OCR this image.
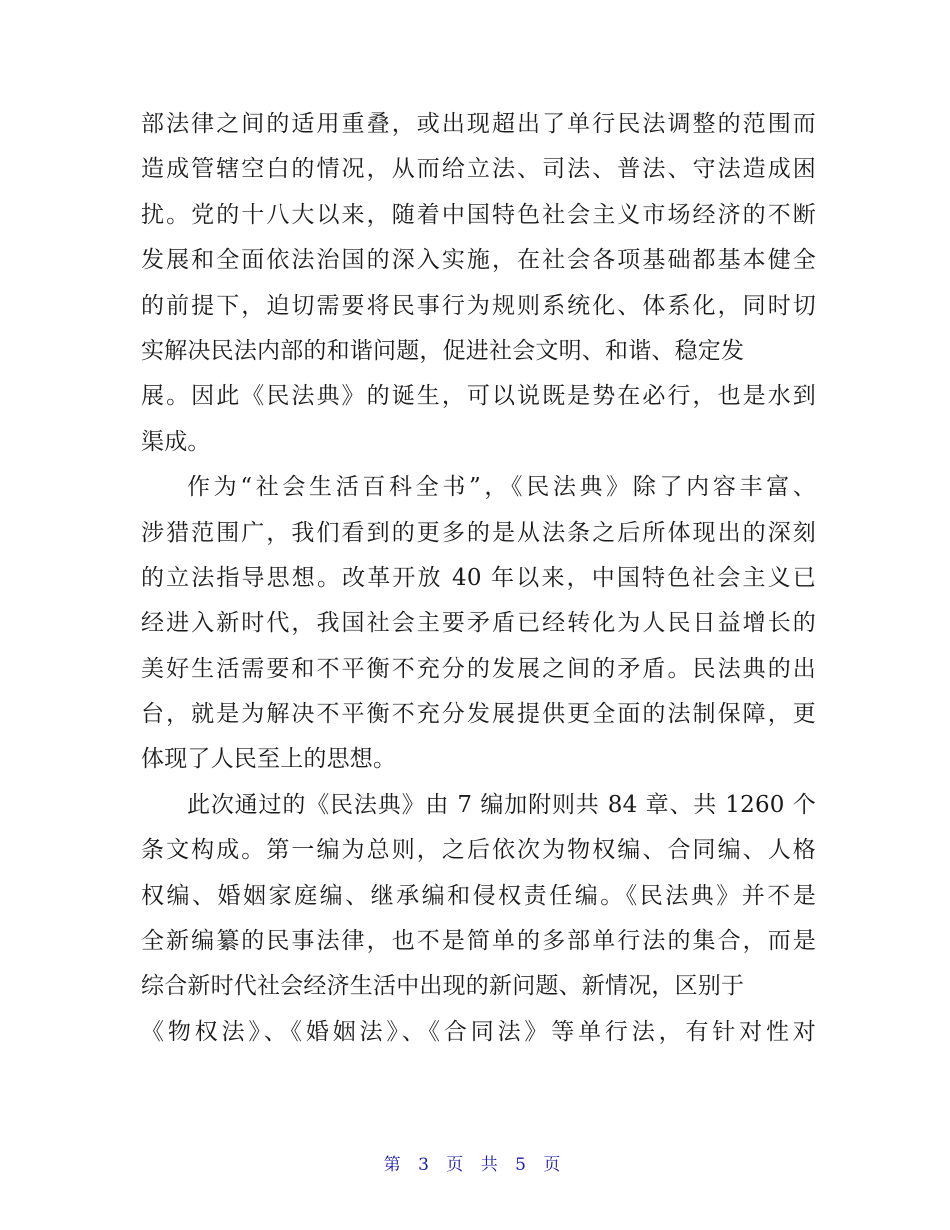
部法律之间的适用重叠，或出现超出了单行民法调整的范围而
造成管辖空白的情况，从而给立法、司法、普法、守法造成困
扰。党的十八大以来，随着中国特色社会主义市场经济的不断
发展和全面依法治国的深入实施，在社会各项基础都基本健全
的前提下，迫切需要将民事行为规则系统化、体系化，同时切
实解决民法内部的和谐问题，促进社会文明、和谐、稳定发
展。因此《民法典》的诞生，可以说既是势在必行，也是水到
渠成。
作为“社会生活百科全书”，《民法典》除了内容丰富、
涉猎范围广，我们看到的更多的是从法条之后所体现出的深刻
的立法指导思想。改革开放 40 年以来，中国特色社会主义已
经进入新时代，我国社会主要矛盾已经转化为人民日益增长的
美好生活需要和不平衡不充分的发展之间的矛盾。民法典的出
台，就是为解决不平衡不充分发展提供更全面的法制保障，更
体现了人民至上的思想。
此次通过的《民法典》由 7 编加附则共 84 章、共 1260 个
条文构成。第一编为总则，之后依次为物权编、合同编、人格
权编、婚姻家庭编、继承编和侵权责任编。《民法典》并不是
全新编纂的民事法律，也不是简单的多部单行法的集合，而是
综合新时代社会经济生活中出现的新问题、新情况，区别于
《物权法》、《婚姻法》、《合同法》等单行法，有针对性对
第 3 页 共 5 页
